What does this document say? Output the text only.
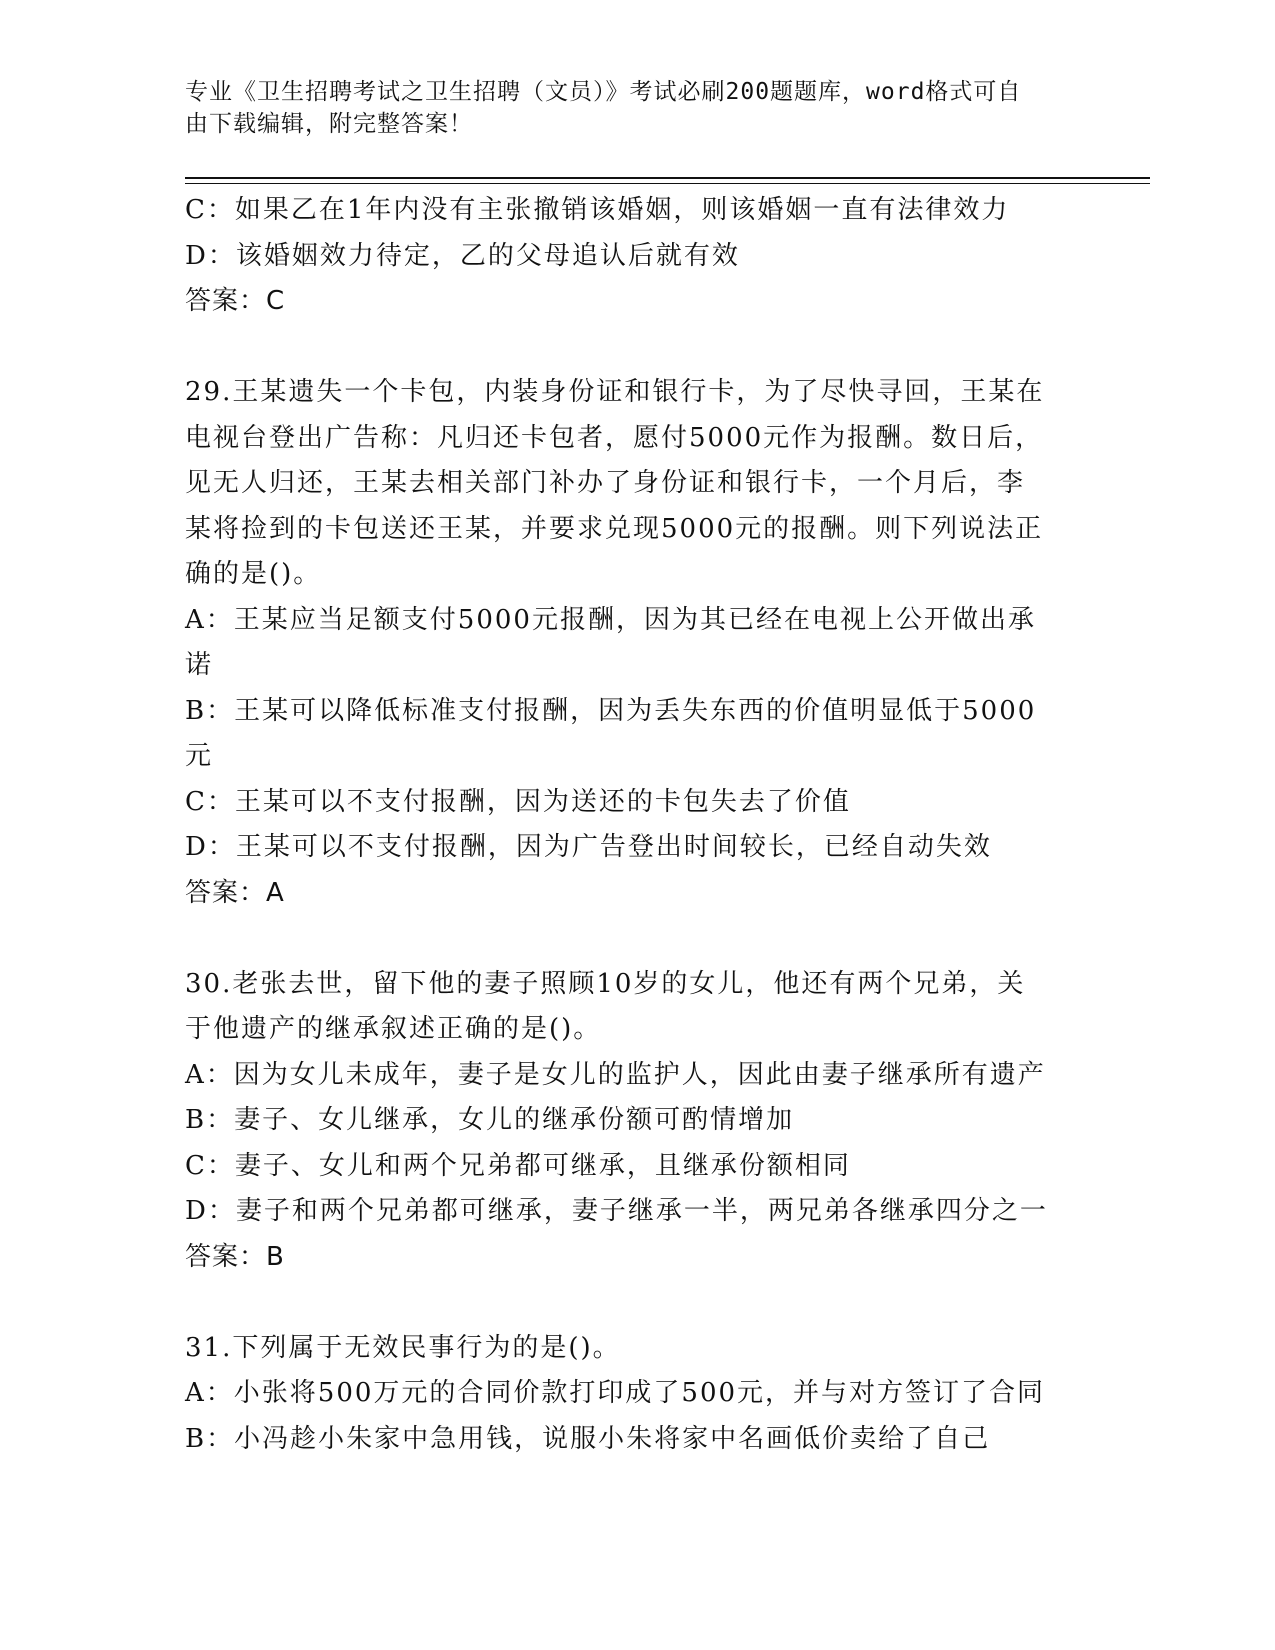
专业《卫生招聘考试之卫生招聘（文员）》考试必刷200题题库，word格式可自
由下载编辑，附完整答案！
C：如果乙在1年内没有主张撤销该婚姻，则该婚姻一直有法律效力
D：该婚姻效力待定，乙的父母追认后就有效
答案：C
29.王某遗失一个卡包，内装身份证和银行卡，为了尽快寻回，王某在
电视台登出广告称：凡归还卡包者，愿付5000元作为报酬。数日后，
见无人归还，王某去相关部门补办了身份证和银行卡，一个月后，李
某将捡到的卡包送还王某，并要求兑现5000元的报酬。则下列说法正
确的是()。
A：王某应当足额支付5000元报酬，因为其已经在电视上公开做出承
诺
B：王某可以降低标准支付报酬，因为丢失东西的价值明显低于5000
元
C：王某可以不支付报酬，因为送还的卡包失去了价值
D：王某可以不支付报酬，因为广告登出时间较长，已经自动失效
答案：A
30.老张去世，留下他的妻子照顾10岁的女儿，他还有两个兄弟，关
于他遗产的继承叙述正确的是()。
A：因为女儿未成年，妻子是女儿的监护人，因此由妻子继承所有遗产
B：妻子、女儿继承，女儿的继承份额可酌情增加
C：妻子、女儿和两个兄弟都可继承，且继承份额相同
D：妻子和两个兄弟都可继承，妻子继承一半，两兄弟各继承四分之一
答案：B
31.下列属于无效民事行为的是()。
A：小张将500万元的合同价款打印成了500元，并与对方签订了合同
B：小冯趁小朱家中急用钱，说服小朱将家中名画低价卖给了自己
